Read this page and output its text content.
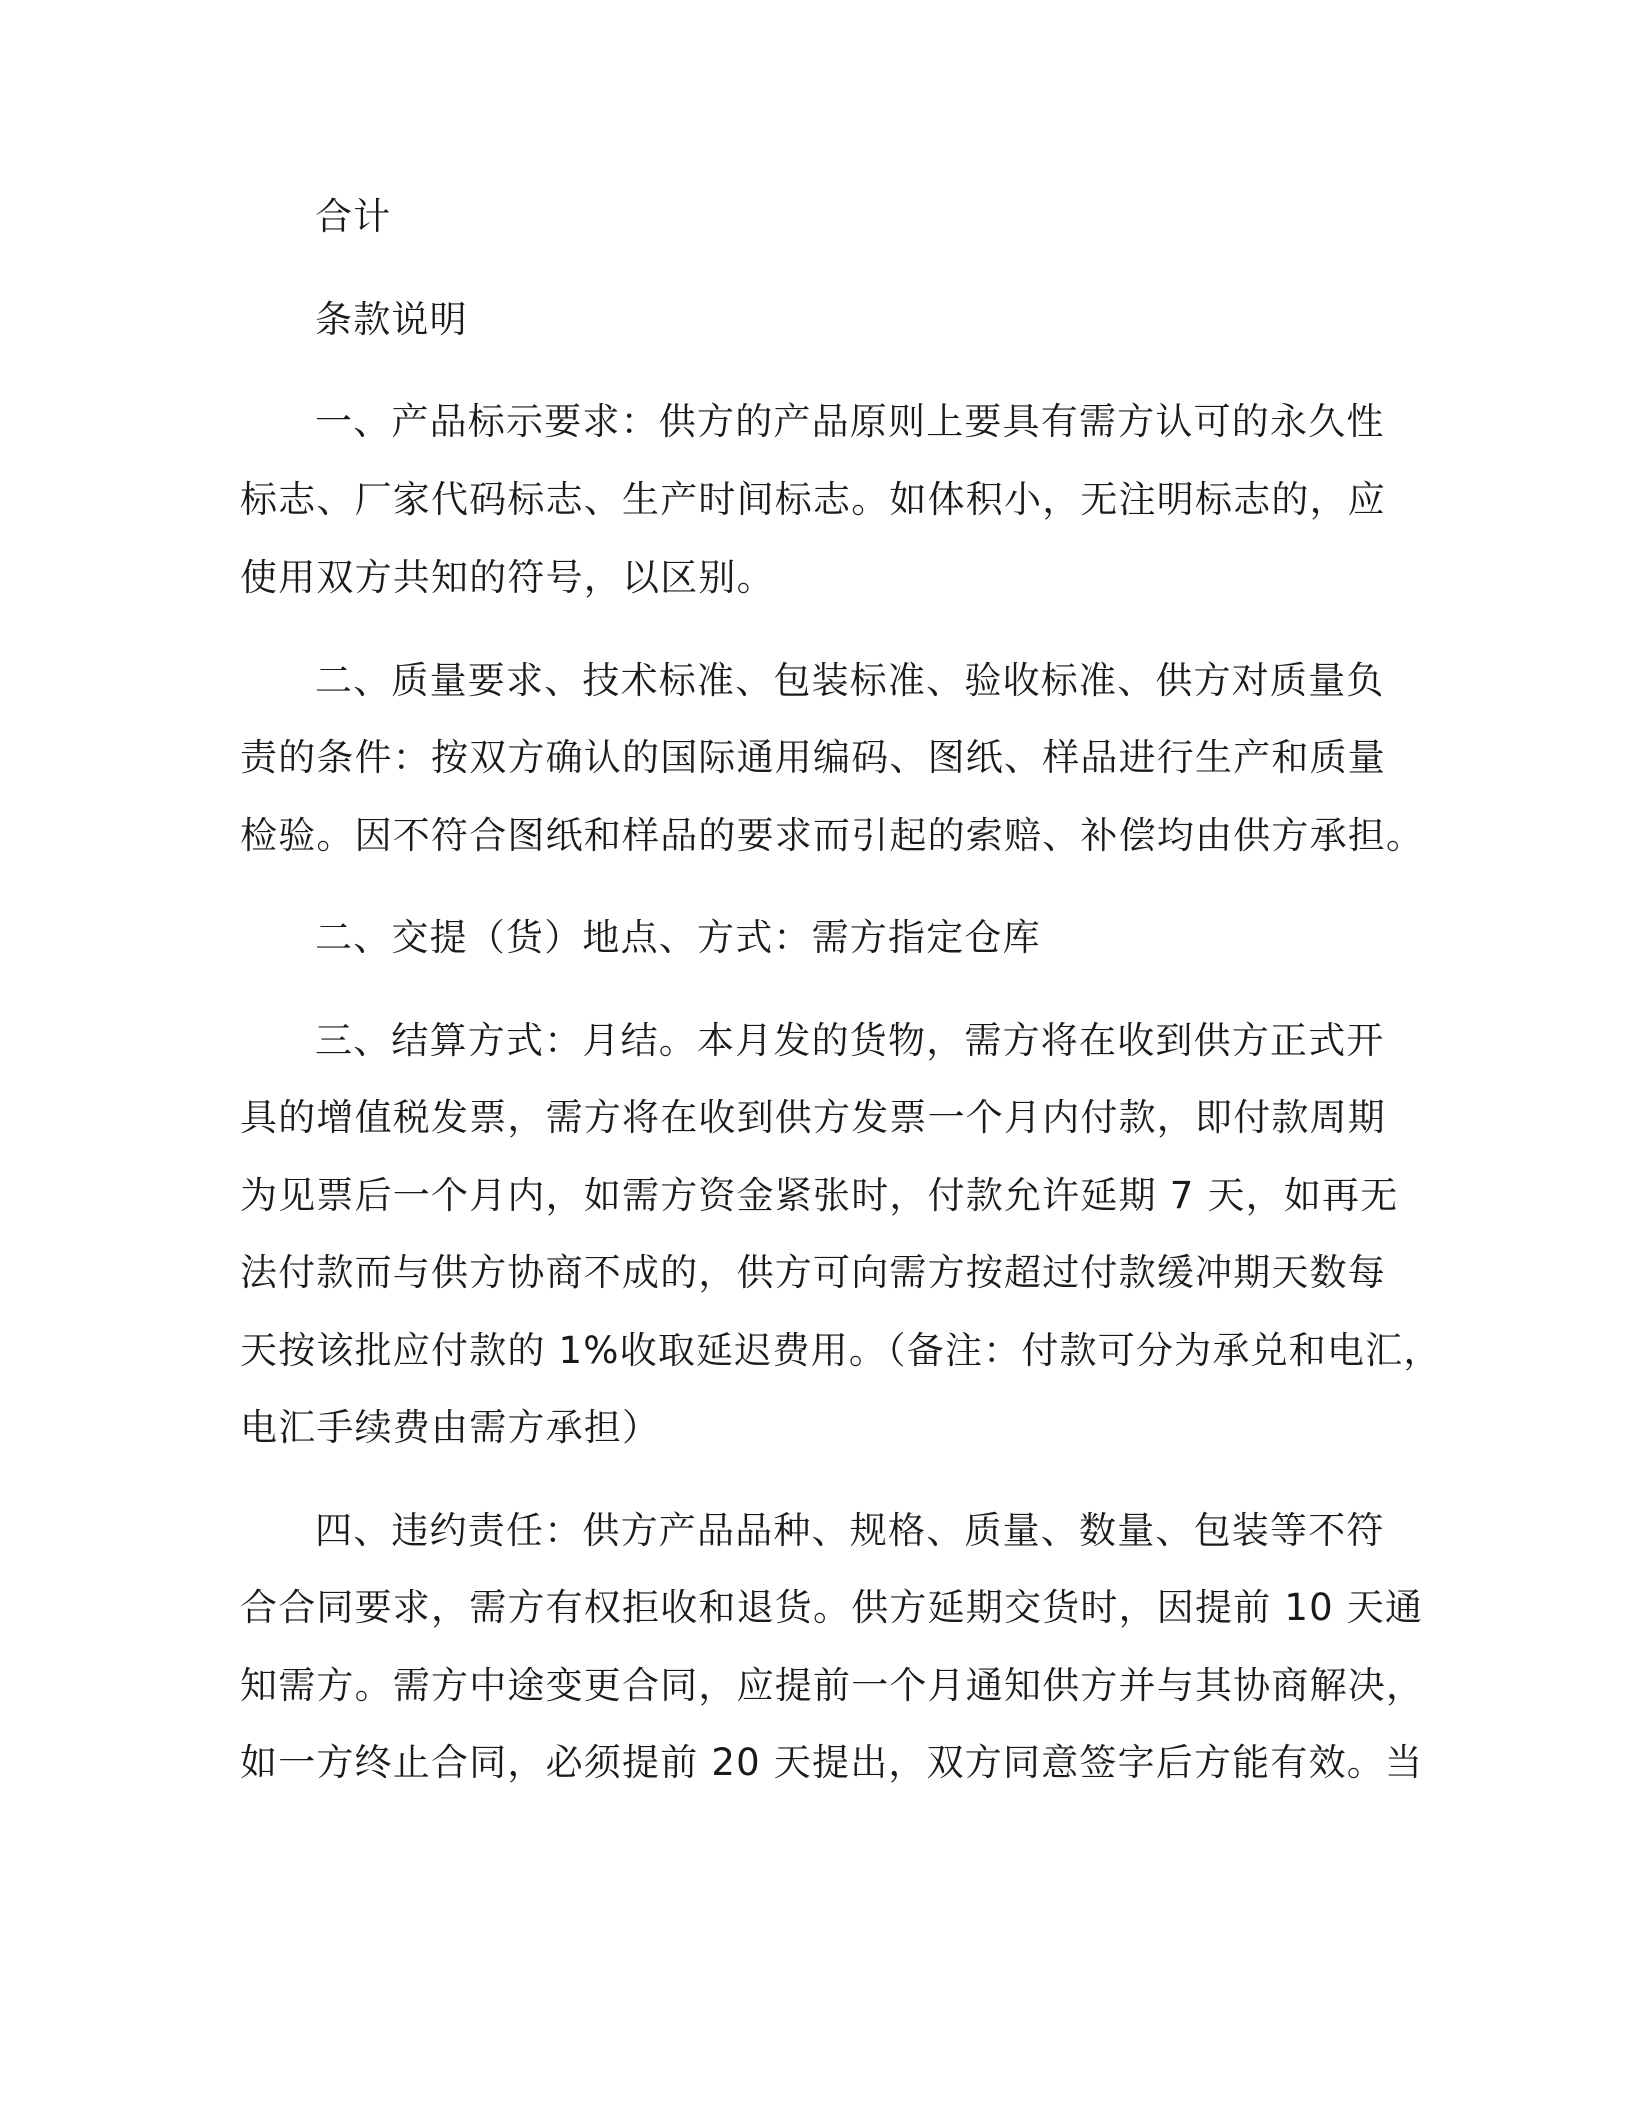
合计

条款说明

一、产品标示要求：供方的产品原则上要具有需方认可的永久性

标志、厂家代码标志、生产时间标志。如体积小，无注明标志的，应

使用双方共知的符号，以区别。

二、质量要求、技术标准、包装标准、验收标准、供方对质量负

责的条件：按双方确认的国际通用编码、图纸、样品进行生产和质量

检验。因不符合图纸和样品的要求而引起的索赔、补偿均由供方承担。

二、交提（货）地点、方式：需方指定仓库

三、结算方式：月结。本月发的货物，需方将在收到供方正式开

具的增值税发票，需方将在收到供方发票一个月内付款，即付款周期

为见票后一个月内，如需方资金紧张时，付款允许延期 7 天，如再无

法付款而与供方协商不成的，供方可向需方按超过付款缓冲期天数每

天按该批应付款的 1%收取延迟费用。（备注：付款可分为承兑和电汇，

电汇手续费由需方承担）

四、违约责任：供方产品品种、规格、质量、数量、包装等不符

合合同要求，需方有权拒收和退货。供方延期交货时，因提前 10 天通

知需方。需方中途变更合同，应提前一个月通知供方并与其协商解决，

如一方终止合同，必须提前 20 天提出，双方同意签字后方能有效。当
